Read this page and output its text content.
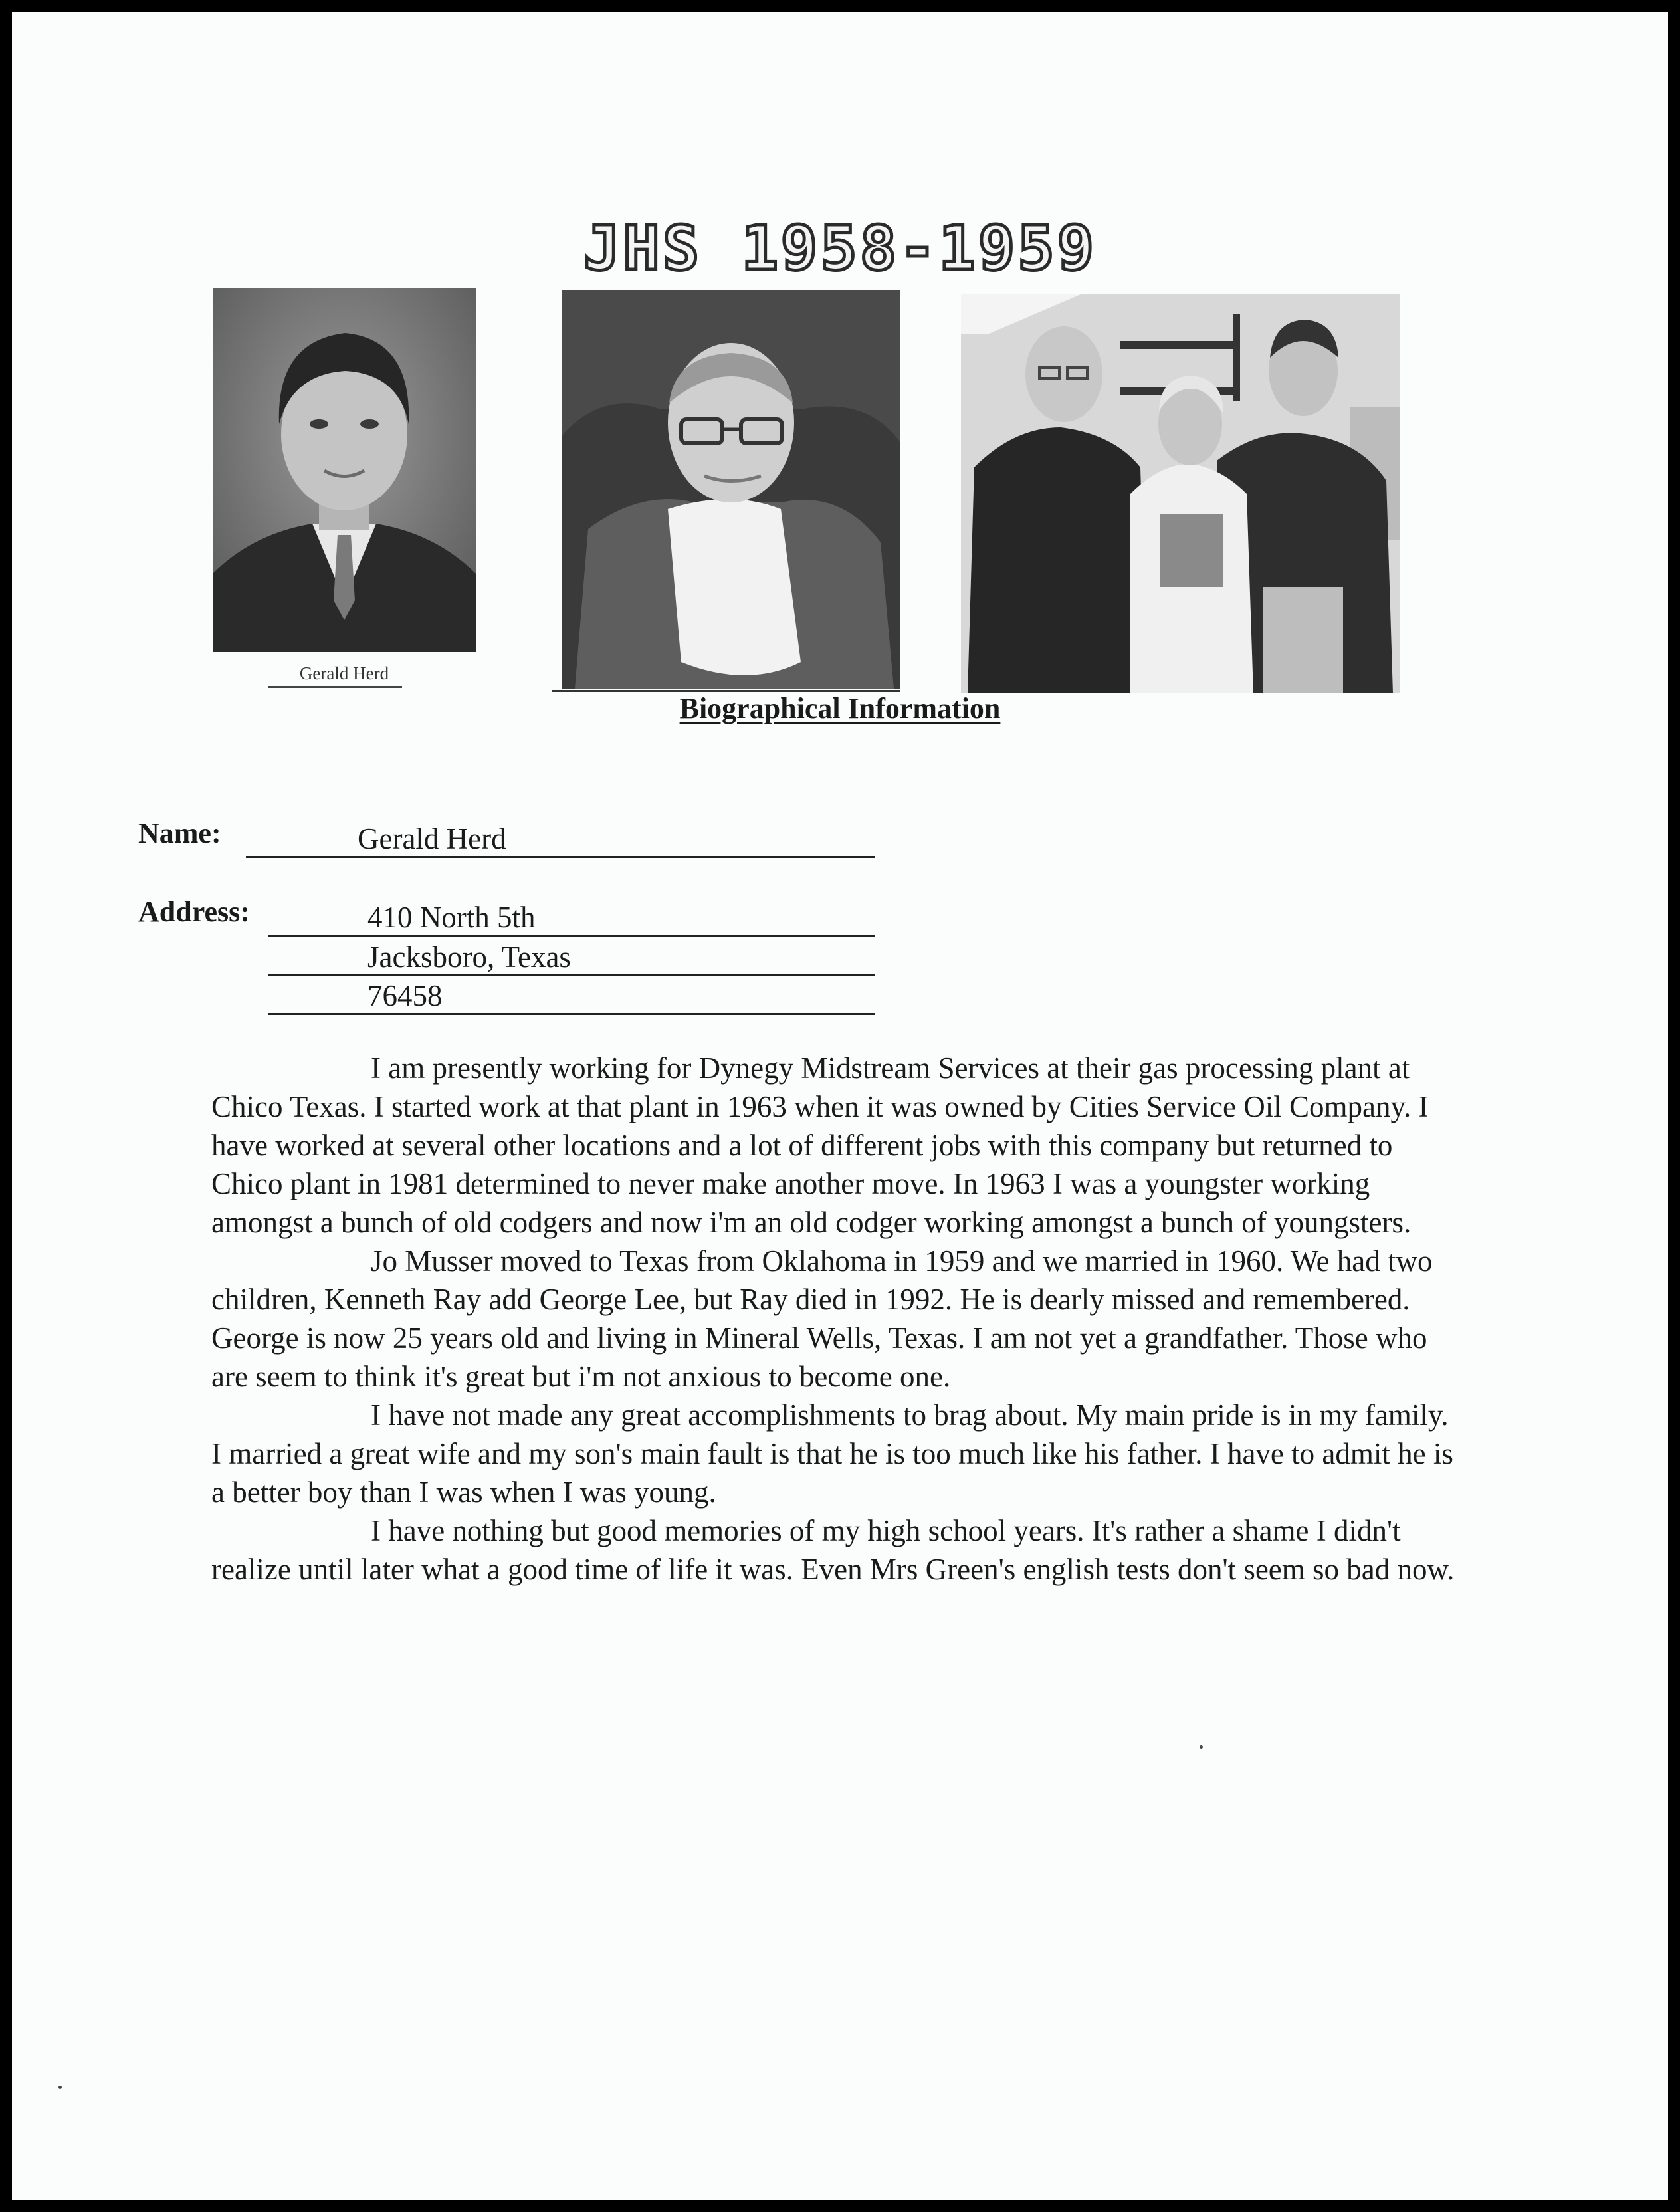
JHS 1958-1959
Gerald Herd
Biographical Information
Name:	Gerald Herd
Address:	410 North 5th
Jacksboro, Texas
76458

I am presently working for Dynegy Midstream Services at their gas processing plant at Chico Texas. I started work at that plant in 1963 when it was owned by Cities Service Oil Company. I have worked at several other locations and a lot of different jobs with this company but returned to Chico plant in 1981 determined to never make another move. In 1963 I was a youngster working amongst a bunch of old codgers and now i'm an old codger working amongst a bunch of youngsters.

Jo Musser moved to Texas from Oklahoma in 1959 and we married in 1960. We had two children, Kenneth Ray add George Lee, but Ray died in 1992. He is dearly missed and remembered. George is now 25 years old and living in Mineral Wells, Texas. I am not yet a grandfather. Those who are seem to think it's great but i'm not anxious to become one.

I have not made any great accomplishments to brag about. My main pride is in my family. I married a great wife and my son's main fault is that he is too much like his father. I have to admit he is a better boy than I was when I was young.

I have nothing but good memories of my high school years. It's rather a shame I didn't realize until later what a good time of life it was. Even Mrs Green's english tests don't seem so bad now.
